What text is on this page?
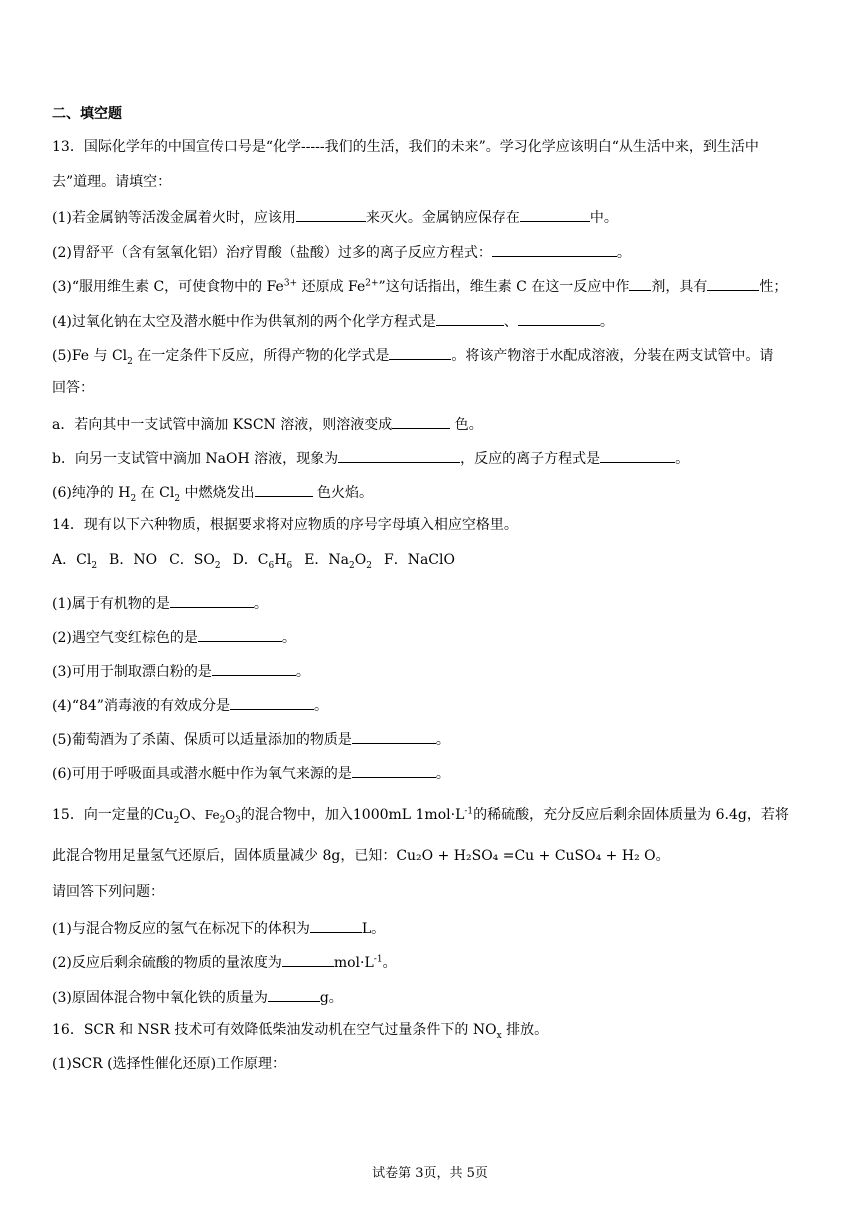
二、填空题
13．国际化学年的中国宣传口号是“化学-----我们的生活，我们的未来”。学习化学应该明白“从生活中来，到生活中
去”道理。请填空：
(1)若金属钠等活泼金属着火时，应该用	来灭火。金属钠应保存在	中。
(2)胃舒平（含有氢氧化铝）治疗胃酸（盐酸）过多的离子反应方程式：	。
(3)“服用维生素 C，可使食物中的 $Fe^{3+}$ 还原成 $Fe^{2+}$”这句话指出，维生素 C 在这一反应中作 剂，具有	性；
(4)过氧化钠在太空及潜水艇中作为供氧剂的两个化学方程式是	、	。
(5)Fe 与 $Cl_2$ 在一定条件下反应，所得产物的化学式是	。将该产物溶于水配成溶液，分装在两支试管中。请
回答：
a．若向其中一支试管中滴加 KSCN 溶液，则溶液变成	色。
b．向另一支试管中滴加 NaOH 溶液，现象为	，反应的离子方程式是	。
(6)纯净的 $H_2$ 在 $Cl_2$ 中燃烧发出	色火焰。
14．现有以下六种物质，根据要求将对应物质的序号字母填入相应空格里。
A．$Cl_2$ B．NO C．$SO_2$ D．$C_6H_6$ E．$Na_2O_2$ F．NaClO
(1)属于有机物的是	。
(2)遇空气变红棕色的是	。
(3)可用于制取漂白粉的是	。
(4)“84”消毒液的有效成分是	。
(5)葡萄酒为了杀菌、保质可以适量添加的物质是	。
(6)可用于呼吸面具或潜水艇中作为氧气来源的是	。
15．向一定量的$Cu_2O$、$Fe_2O_3$的混合物中，加入1000mL $1mol\cdot L^{-1}$的稀硫酸，充分反应后剩余固体质量为 6.4g，若将
此混合物用足量氢气还原后，固体质量减少 8g，已知：Cu₂O + H₂SO₄ =Cu + CuSO₄ + H₂ O。
请回答下列问题：
(1)与混合物反应的氢气在标况下的体积为	L。
(2)反应后剩余硫酸的物质的量浓度为	$mol\cdot L^{-1}$。
(3)原固体混合物中氧化铁的质量为	g。
16．SCR 和 NSR 技术可有效降低柴油发动机在空气过量条件下的 $NO_x$ 排放。
(1)SCR (选择性催化还原)工作原理：
试卷第 3页，共 5页
